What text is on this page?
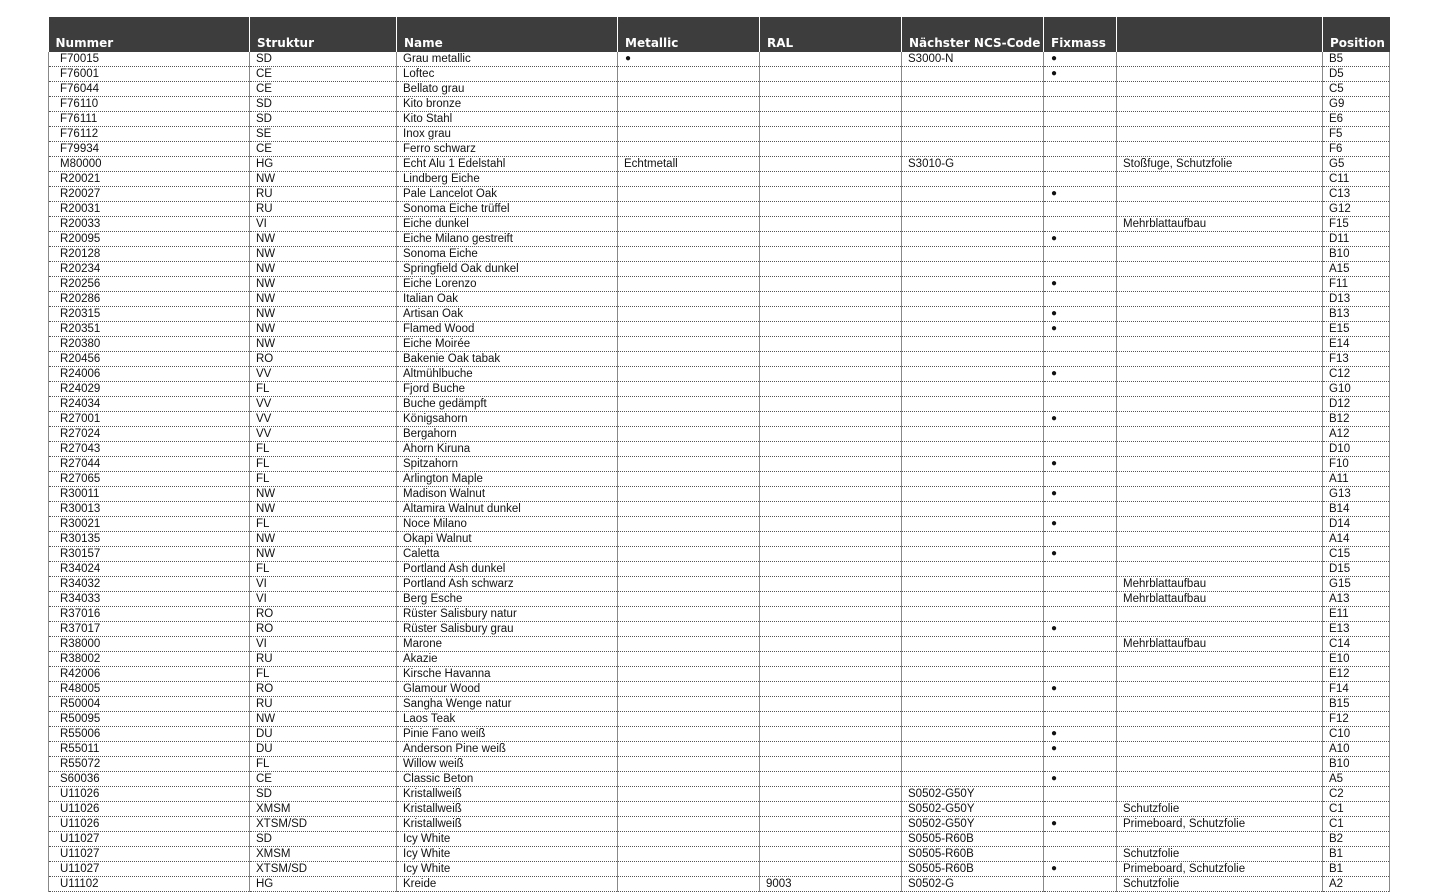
Nummer	Struktur	Name	Metallic	RAL	Nächster NCS-Code	Fixmass		Position
F70015	SD	Grau metallic	●		S3000-N	●		B5
F76001	CE	Loftec				●		D5
F76044	CE	Bellato grau						C5
F76110	SD	Kito bronze						G9
F76111	SD	Kito Stahl						E6
F76112	SE	Inox grau						F5
F79934	CE	Ferro schwarz						F6
M80000	HG	Echt Alu 1 Edelstahl	Echtmetall		S3010-G		Stoßfuge, Schutzfolie	G5
R20021	NW	Lindberg Eiche						C11
R20027	RU	Pale Lancelot Oak				●		C13
R20031	RU	Sonoma Eiche trüffel						G12
R20033	VI	Eiche dunkel					Mehrblattaufbau	F15
R20095	NW	Eiche Milano gestreift				●		D11
R20128	NW	Sonoma Eiche						B10
R20234	NW	Springfield Oak dunkel						A15
R20256	NW	Eiche Lorenzo				●		F11
R20286	NW	Italian Oak						D13
R20315	NW	Artisan Oak				●		B13
R20351	NW	Flamed Wood				●		E15
R20380	NW	Eiche Moirée						E14
R20456	RO	Bakenie Oak tabak						F13
R24006	VV	Altmühlbuche				●		C12
R24029	FL	Fjord Buche						G10
R24034	VV	Buche gedämpft						D12
R27001	VV	Königsahorn				●		B12
R27024	VV	Bergahorn						A12
R27043	FL	Ahorn Kiruna						D10
R27044	FL	Spitzahorn				●		F10
R27065	FL	Arlington Maple						A11
R30011	NW	Madison Walnut				●		G13
R30013	NW	Altamira Walnut dunkel						B14
R30021	FL	Noce Milano				●		D14
R30135	NW	Okapi Walnut						A14
R30157	NW	Caletta				●		C15
R34024	FL	Portland Ash dunkel						D15
R34032	VI	Portland Ash schwarz					Mehrblattaufbau	G15
R34033	VI	Berg Esche					Mehrblattaufbau	A13
R37016	RO	Rüster Salisbury natur						E11
R37017	RO	Rüster Salisbury grau				●		E13
R38000	VI	Marone					Mehrblattaufbau	C14
R38002	RU	Akazie						E10
R42006	FL	Kirsche Havanna						E12
R48005	RO	Glamour Wood				●		F14
R50004	RU	Sangha Wenge natur						B15
R50095	NW	Laos Teak						F12
R55006	DU	Pinie Fano weiß				●		C10
R55011	DU	Anderson Pine weiß				●		A10
R55072	FL	Willow weiß						B10
S60036	CE	Classic Beton				●		A5
U11026	SD	Kristallweiß			S0502-G50Y			C2
U11026	XMSM	Kristallweiß			S0502-G50Y		Schutzfolie	C1
U11026	XTSM/SD	Kristallweiß			S0502-G50Y	●	Primeboard, Schutzfolie	C1
U11027	SD	Icy White			S0505-R60B			B2
U11027	XMSM	Icy White			S0505-R60B		Schutzfolie	B1
U11027	XTSM/SD	Icy White			S0505-R60B	●	Primeboard, Schutzfolie	B1
U11102	HG	Kreide		9003	S0502-G		Schutzfolie	A2
